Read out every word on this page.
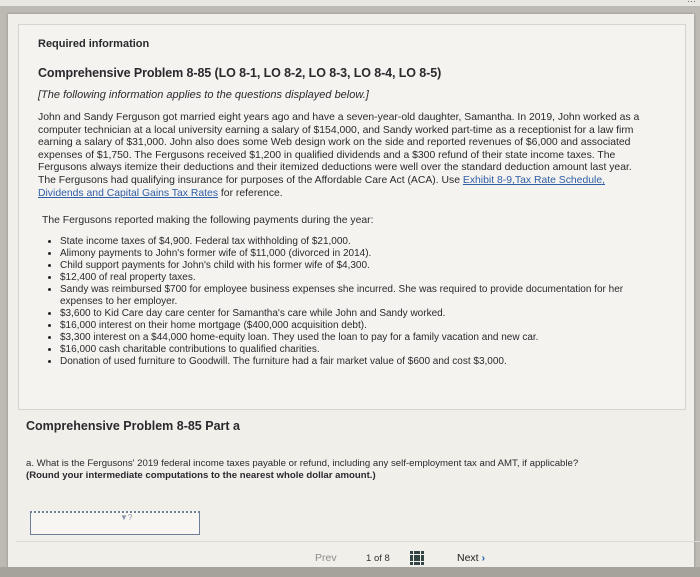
···
Required information
Comprehensive Problem 8-85 (LO 8-1, LO 8-2, LO 8-3, LO 8-4, LO 8-5)
[The following information applies to the questions displayed below.]

John and Sandy Ferguson got married eight years ago and have a seven-year-old daughter, Samantha. In 2019, John worked as a computer technician at a local university earning a salary of $154,000, and Sandy worked part-time as a receptionist for a law firm earning a salary of $31,000. John also does some Web design work on the side and reported revenues of $6,000 and associated expenses of $1,750. The Fergusons received $1,200 in qualified dividends and a $300 refund of their state income taxes. The Fergusons always itemize their deductions and their itemized deductions were well over the standard deduction amount last year. The Fergusons had qualifying insurance for purposes of the Affordable Care Act (ACA). Use Exhibit 8-9,Tax Rate Schedule, Dividends and Capital Gains Tax Rates for reference.

The Fergusons reported making the following payments during the year:
• State income taxes of $4,900. Federal tax withholding of $21,000.
• Alimony payments to John's former wife of $11,000 (divorced in 2014).
• Child support payments for John's child with his former wife of $4,300.
• $12,400 of real property taxes.
• Sandy was reimbursed $700 for employee business expenses she incurred. She was required to provide documentation for her expenses to her employer.
• $3,600 to Kid Care day care center for Samantha's care while John and Sandy worked.
• $16,000 interest on their home mortgage ($400,000 acquisition debt).
• $3,300 interest on a $44,000 home-equity loan. They used the loan to pay for a family vacation and new car.
• $16,000 cash charitable contributions to qualified charities.
• Donation of used furniture to Goodwill. The furniture had a fair market value of $600 and cost $3,000.
Comprehensive Problem 8-85 Part a
a. What is the Fergusons' 2019 federal income taxes payable or refund, including any self-employment tax and AMT, if applicable?
(Round your intermediate computations to the nearest whole dollar amount.)
▼?
Prev	1 of 8	Next ›
